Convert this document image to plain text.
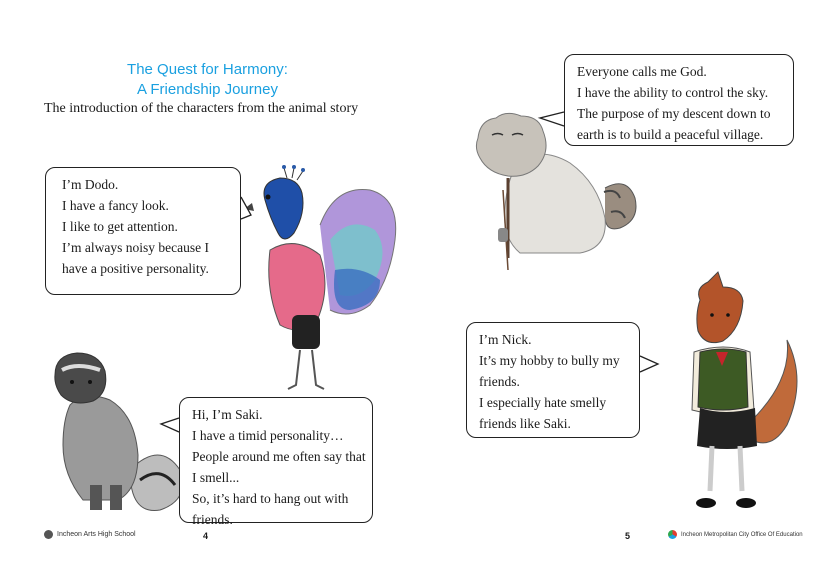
The Quest for Harmony:
A Friendship Journey
The introduction of the characters from the animal story
Everyone calls me God.
I have the ability to control the sky.
The purpose of my descent down to
earth is to build a peaceful village.
I’m Dodo.
I have a fancy look.
I like to get attention.
I’m always noisy because I
have a positive personality.
Hi, I’m Saki.
I have a timid personality…
People around me often say that
I smell...
So, it’s hard to hang out with
friends.
I’m Nick.
It’s my hobby to bully my
friends.
I especially hate smelly
friends like Saki.
Incheon Arts High School	4	5	Incheon Metropolitan City Office Of Education
